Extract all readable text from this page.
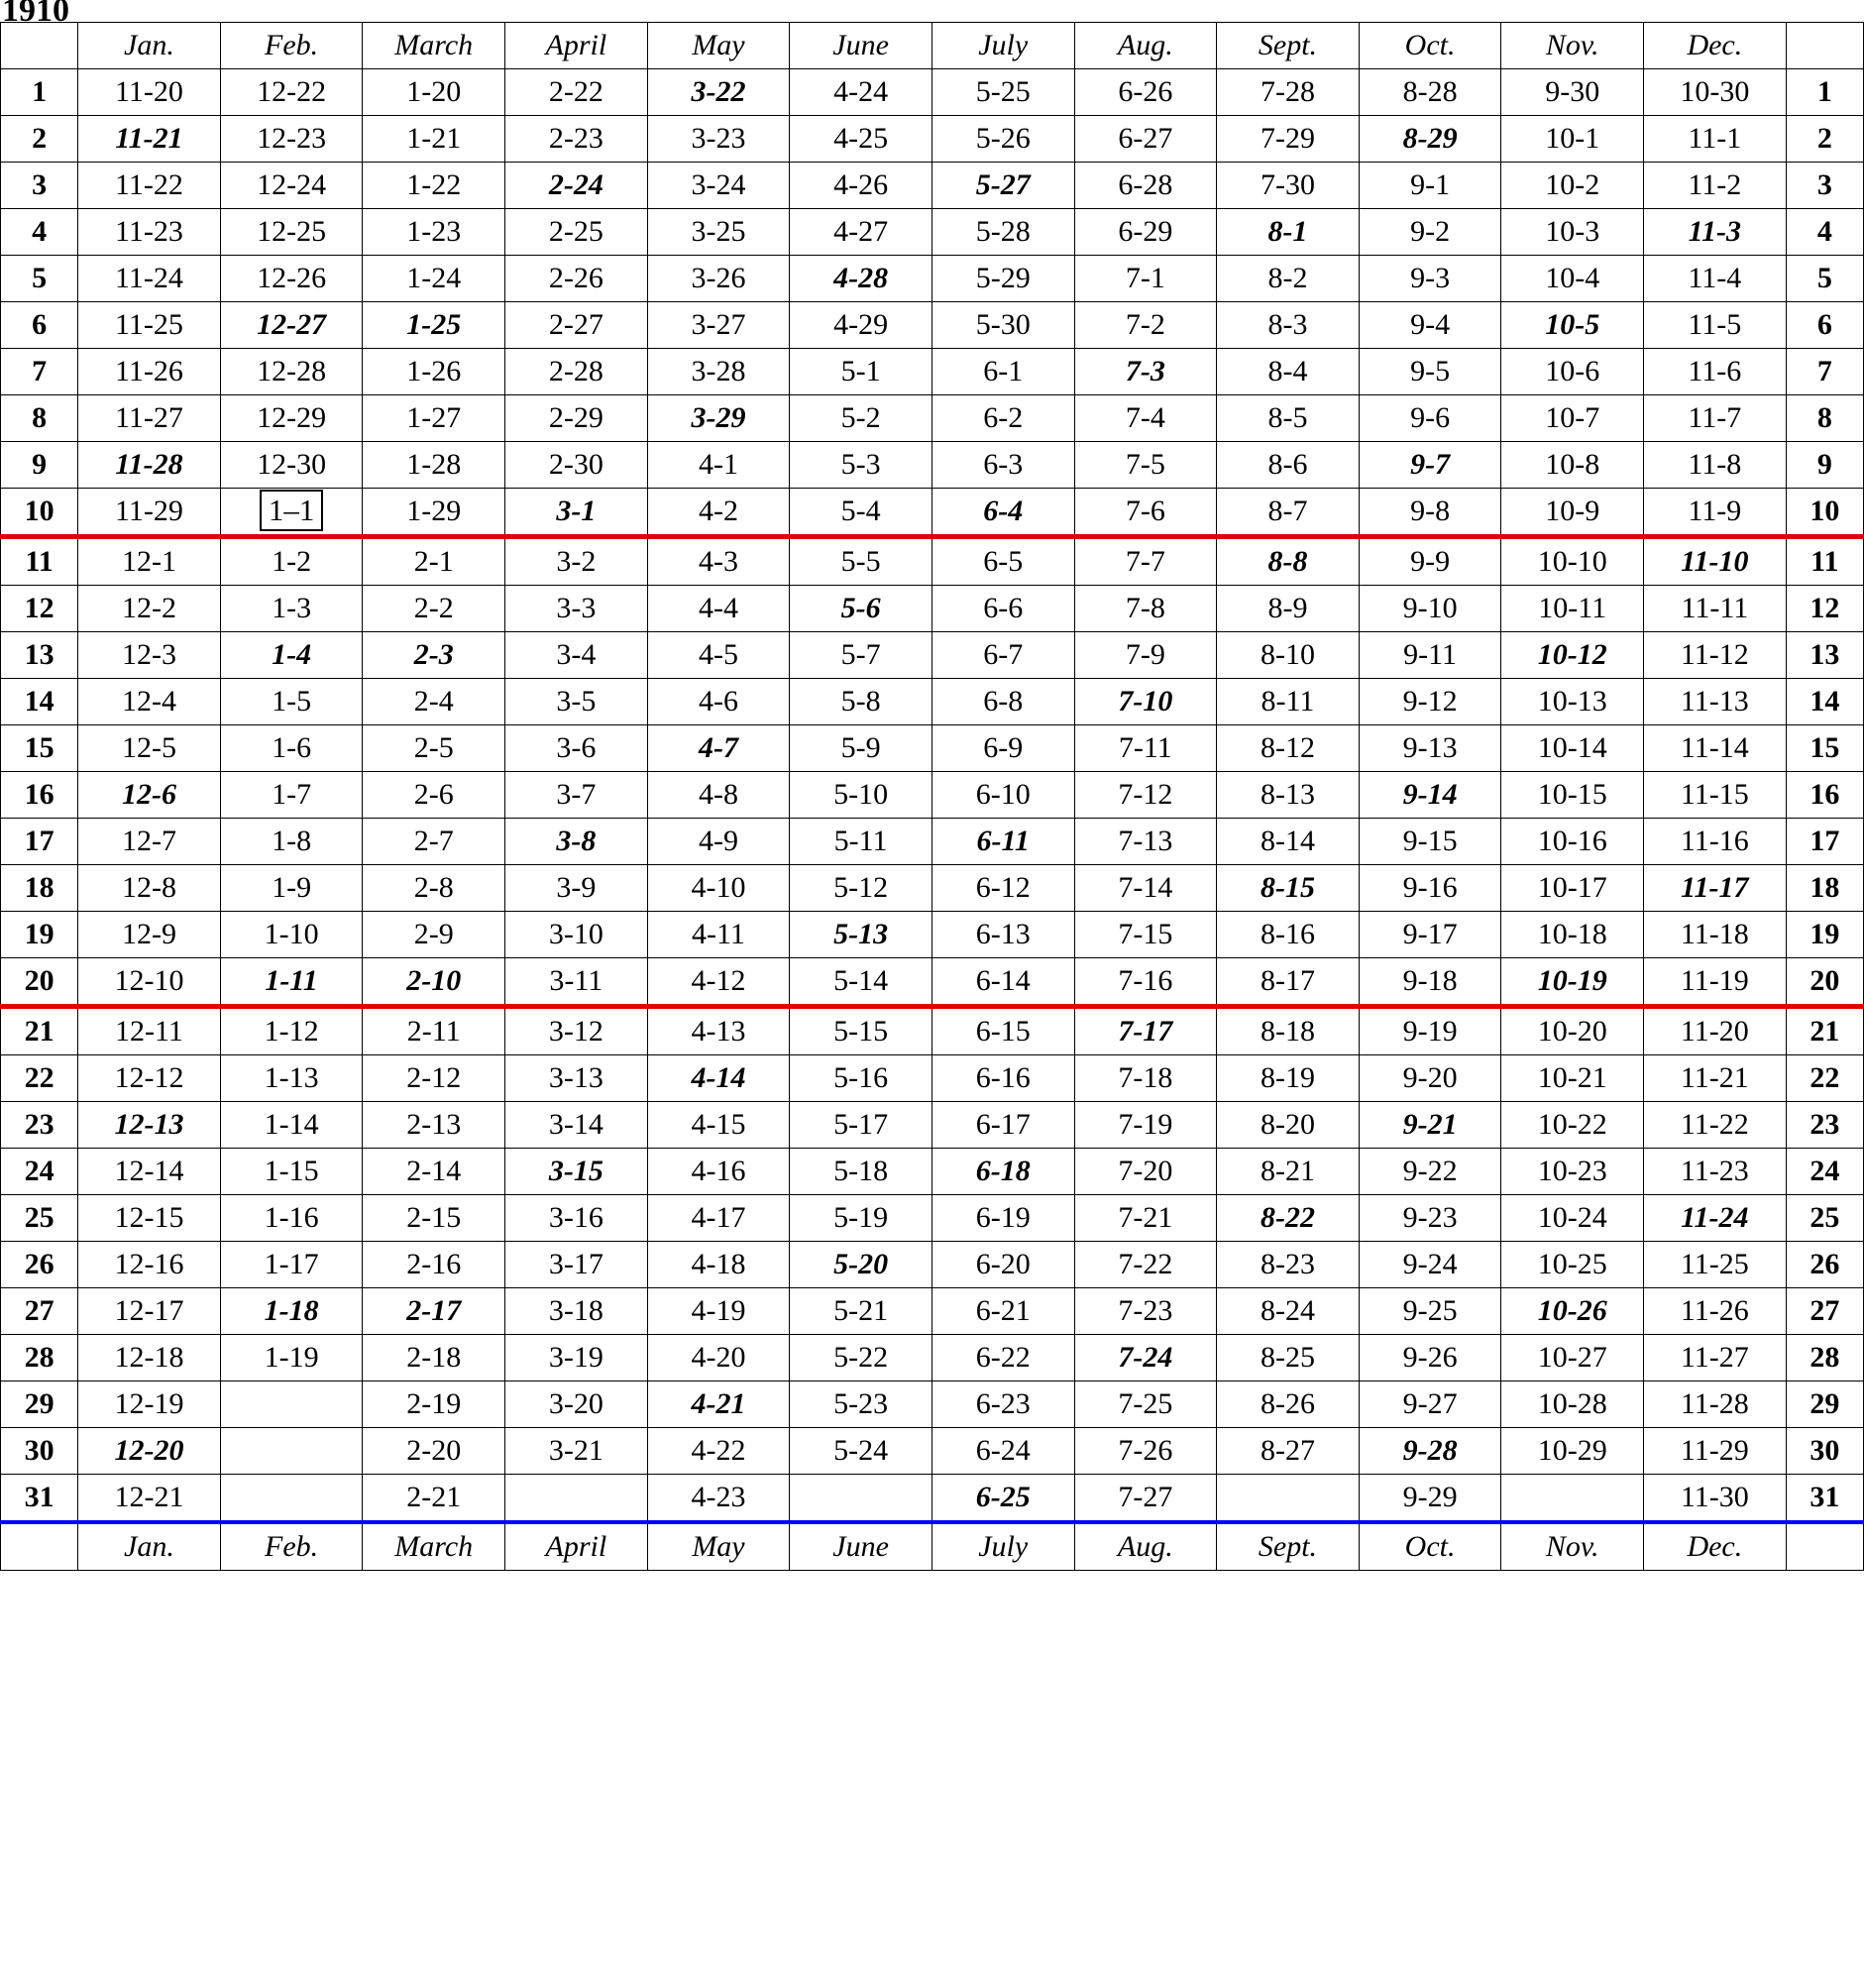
1910
	Jan.	Feb.	March	April	May	June	July	Aug.	Sept.	Oct.	Nov.	Dec.	
1	11-20	12-22	1-20	2-22	3-22	4-24	5-25	6-26	7-28	8-28	9-30	10-30	1
2	11-21	12-23	1-21	2-23	3-23	4-25	5-26	6-27	7-29	8-29	10-1	11-1	2
3	11-22	12-24	1-22	2-24	3-24	4-26	5-27	6-28	7-30	9-1	10-2	11-2	3
4	11-23	12-25	1-23	2-25	3-25	4-27	5-28	6-29	8-1	9-2	10-3	11-3	4
5	11-24	12-26	1-24	2-26	3-26	4-28	5-29	7-1	8-2	9-3	10-4	11-4	5
6	11-25	12-27	1-25	2-27	3-27	4-29	5-30	7-2	8-3	9-4	10-5	11-5	6
7	11-26	12-28	1-26	2-28	3-28	5-1	6-1	7-3	8-4	9-5	10-6	11-6	7
8	11-27	12-29	1-27	2-29	3-29	5-2	6-2	7-4	8-5	9-6	10-7	11-7	8
9	11-28	12-30	1-28	2-30	4-1	5-3	6-3	7-5	8-6	9-7	10-8	11-8	9
10	11-29	1–1	1-29	3-1	4-2	5-4	6-4	7-6	8-7	9-8	10-9	11-9	10
11	12-1	1-2	2-1	3-2	4-3	5-5	6-5	7-7	8-8	9-9	10-10	11-10	11
12	12-2	1-3	2-2	3-3	4-4	5-6	6-6	7-8	8-9	9-10	10-11	11-11	12
13	12-3	1-4	2-3	3-4	4-5	5-7	6-7	7-9	8-10	9-11	10-12	11-12	13
14	12-4	1-5	2-4	3-5	4-6	5-8	6-8	7-10	8-11	9-12	10-13	11-13	14
15	12-5	1-6	2-5	3-6	4-7	5-9	6-9	7-11	8-12	9-13	10-14	11-14	15
16	12-6	1-7	2-6	3-7	4-8	5-10	6-10	7-12	8-13	9-14	10-15	11-15	16
17	12-7	1-8	2-7	3-8	4-9	5-11	6-11	7-13	8-14	9-15	10-16	11-16	17
18	12-8	1-9	2-8	3-9	4-10	5-12	6-12	7-14	8-15	9-16	10-17	11-17	18
19	12-9	1-10	2-9	3-10	4-11	5-13	6-13	7-15	8-16	9-17	10-18	11-18	19
20	12-10	1-11	2-10	3-11	4-12	5-14	6-14	7-16	8-17	9-18	10-19	11-19	20
21	12-11	1-12	2-11	3-12	4-13	5-15	6-15	7-17	8-18	9-19	10-20	11-20	21
22	12-12	1-13	2-12	3-13	4-14	5-16	6-16	7-18	8-19	9-20	10-21	11-21	22
23	12-13	1-14	2-13	3-14	4-15	5-17	6-17	7-19	8-20	9-21	10-22	11-22	23
24	12-14	1-15	2-14	3-15	4-16	5-18	6-18	7-20	8-21	9-22	10-23	11-23	24
25	12-15	1-16	2-15	3-16	4-17	5-19	6-19	7-21	8-22	9-23	10-24	11-24	25
26	12-16	1-17	2-16	3-17	4-18	5-20	6-20	7-22	8-23	9-24	10-25	11-25	26
27	12-17	1-18	2-17	3-18	4-19	5-21	6-21	7-23	8-24	9-25	10-26	11-26	27
28	12-18	1-19	2-18	3-19	4-20	5-22	6-22	7-24	8-25	9-26	10-27	11-27	28
29	12-19		2-19	3-20	4-21	5-23	6-23	7-25	8-26	9-27	10-28	11-28	29
30	12-20		2-20	3-21	4-22	5-24	6-24	7-26	8-27	9-28	10-29	11-29	30
31	12-21		2-21		4-23		6-25	7-27		9-29		11-30	31
	Jan.	Feb.	March	April	May	June	July	Aug.	Sept.	Oct.	Nov.	Dec.	
